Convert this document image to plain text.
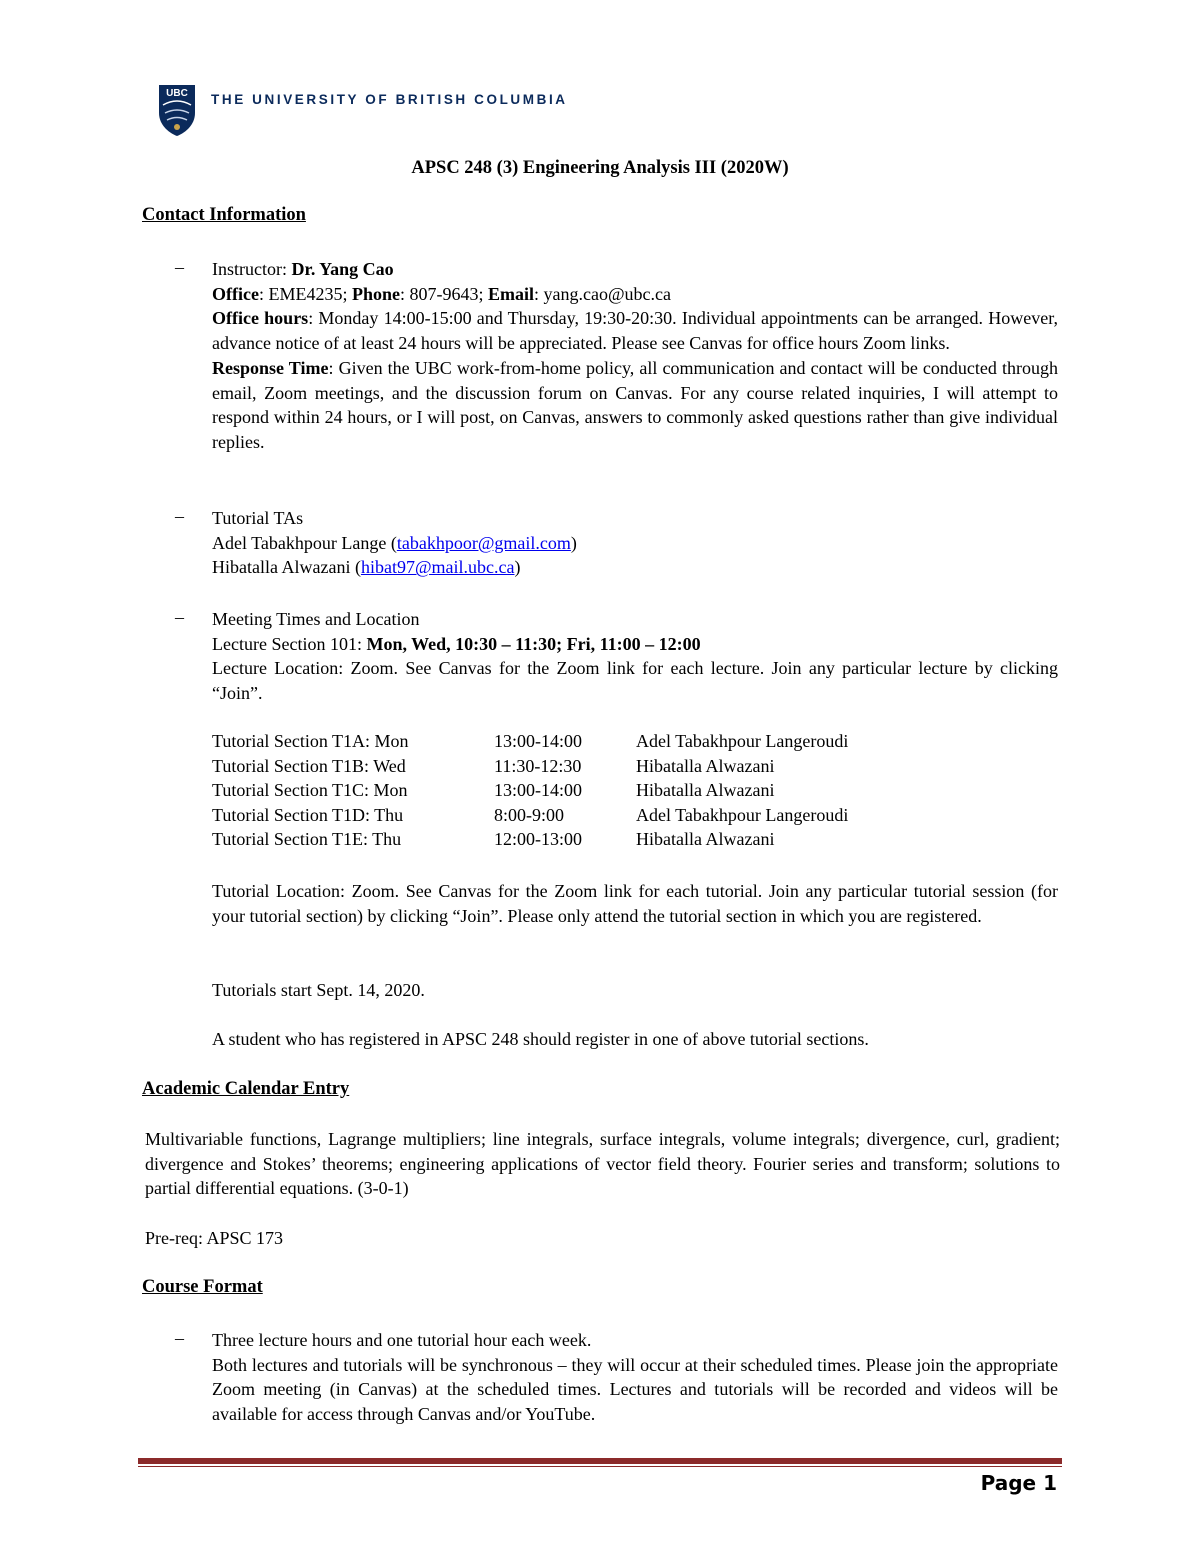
UBC THE UNIVERSITY OF BRITISH COLUMBIA
APSC 248 (3) Engineering Analysis III (2020W)
Contact Information
– Instructor: Dr. Yang Cao

Office: EME4235; Phone: 807-9643; Email: yang.cao@ubc.ca

Office hours: Monday 14:00-15:00 and Thursday, 19:30-20:30. Individual appointments can be arranged. However, advance notice of at least 24 hours will be appreciated. Please see Canvas for office hours Zoom links.

Response Time: Given the UBC work-from-home policy, all communication and contact will be conducted through email, Zoom meetings, and the discussion forum on Canvas. For any course related inquiries, I will attempt to respond within 24 hours, or I will post, on Canvas, answers to commonly asked questions rather than give individual replies.

– Tutorial TAs

Adel Tabakhpour Lange (tabakhpoor@gmail.com)

Hibatalla Alwazani (hibat97@mail.ubc.ca)

– Meeting Times and Location

Lecture Section 101: Mon, Wed, 10:30 – 11:30; Fri, 11:00 – 12:00

Lecture Location: Zoom. See Canvas for the Zoom link for each lecture. Join any particular lecture by clicking “Join”.

Tutorial Section T1A: Mon	13:00-14:00	Adel Tabakhpour Langeroudi
Tutorial Section T1B: Wed	11:30-12:30	Hibatalla Alwazani
Tutorial Section T1C: Mon	13:00-14:00	Hibatalla Alwazani
Tutorial Section T1D: Thu	8:00-9:00	Adel Tabakhpour Langeroudi
Tutorial Section T1E: Thu	12:00-13:00	Hibatalla Alwazani
Tutorial Location: Zoom. See Canvas for the Zoom link for each tutorial. Join any particular tutorial session (for your tutorial section) by clicking “Join”. Please only attend the tutorial section in which you are registered.
Tutorials start Sept. 14, 2020.
A student who has registered in APSC 248 should register in one of above tutorial sections.
Academic Calendar Entry
Multivariable functions, Lagrange multipliers; line integrals, surface integrals, volume integrals; divergence, curl, gradient; divergence and Stokes’ theorems; engineering applications of vector field theory. Fourier series and transform; solutions to partial differential equations. (3-0-1)
Pre-req: APSC 173
Course Format
– Three lecture hours and one tutorial hour each week.

Both lectures and tutorials will be synchronous – they will occur at their scheduled times. Please join the appropriate Zoom meeting (in Canvas) at the scheduled times. Lectures and tutorials will be recorded and videos will be available for access through Canvas and/or YouTube.

Page 1
